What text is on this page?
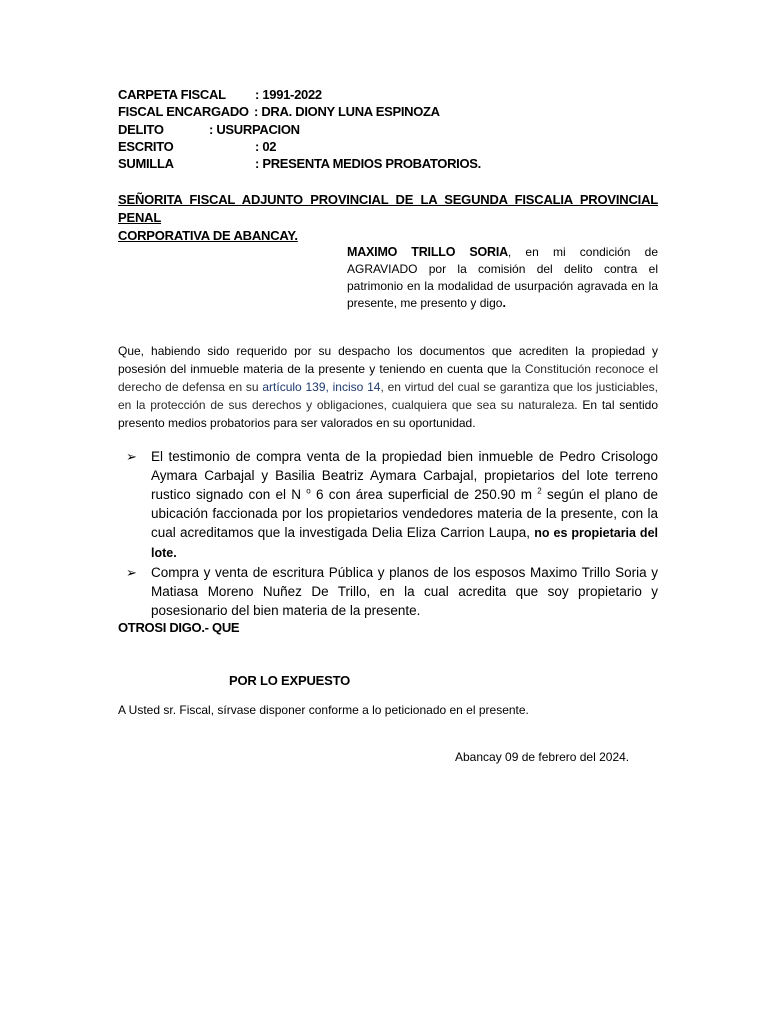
CARPETA FISCAL : 1991-2022
FISCAL ENCARGADO : DRA. DIONY LUNA ESPINOZA
DELITO	: USURPACION
ESCRITO	: 02
SUMILLA	: PRESENTA MEDIOS PROBATORIOS.
SEÑORITA FISCAL ADJUNTO PROVINCIAL DE LA SEGUNDA FISCALIA PROVINCIAL PENAL
CORPORATIVA DE ABANCAY.
MAXIMO TRILLO SORIA, en mi condición de AGRAVIADO por la comisión del delito contra el patrimonio en la modalidad de usurpación agravada en la presente, me presento y digo.
Que, habiendo sido requerido por su despacho los documentos que acrediten la propiedad y posesión del inmueble materia de la presente y teniendo en cuenta que la Constitución reconoce el derecho de defensa en su artículo 139, inciso 14, en virtud del cual se garantiza que los justiciables, en la protección de sus derechos y obligaciones, cualquiera que sea su naturaleza. En tal sentido presento medios probatorios para ser valorados en su oportunidad.
➢ El testimonio de compra venta de la propiedad bien inmueble de Pedro Crisologo Aymara Carbajal y Basilia Beatriz Aymara Carbajal, propietarios del lote terreno rustico signado con el N $^o$ 6 con área superficial de 250.90 m $^2$ según el plano de ubicación faccionada por los propietarios vendedores materia de la presente, con la cual acreditamos que la investigada Delia Eliza Carrion Laupa, no es propietaria del lote.
➢ Compra y venta de escritura Pública y planos de los esposos Maximo Trillo Soria y Matiasa Moreno Nuñez De Trillo, en la cual acredita que soy propietario y posesionario del bien materia de la presente.
OTROSI DIGO.- QUE
POR LO EXPUESTO
A Usted sr. Fiscal, sírvase disponer conforme a lo peticionado en el presente.
Abancay 09 de febrero del 2024.
